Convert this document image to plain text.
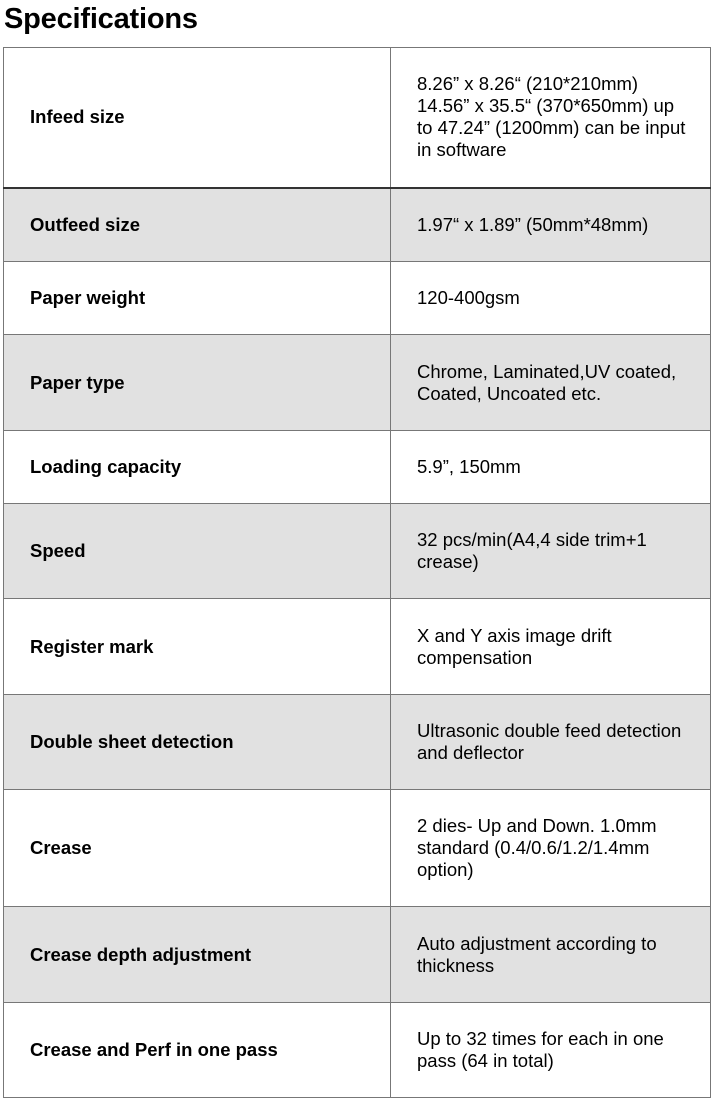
Specifications
Infeed size	8.26” x 8.26“ (210*210mm)
14.56” x 35.5“ (370*650mm) up to 47.24” (1200mm) can be input in software

Outfeed size	1.97“ x 1.89” (50mm*48mm)
Paper weight	120-400gsm
Paper type	Chrome, Laminated,UV coated, Coated, Uncoated etc.
Loading capacity	5.9”, 150mm
Speed	32 pcs/min(A4,4 side trim+1 crease)
Register mark	X and Y axis image drift compensation
Double sheet detection	Ultrasonic double feed detection and deflector
Crease	2 dies- Up and Down. 1.0mm standard (0.4/0.6/1.2/1.4mm option)
Crease depth adjustment	Auto adjustment according to thickness
Crease and Perf in one pass	Up to 32 times for each in one pass (64 in total)
